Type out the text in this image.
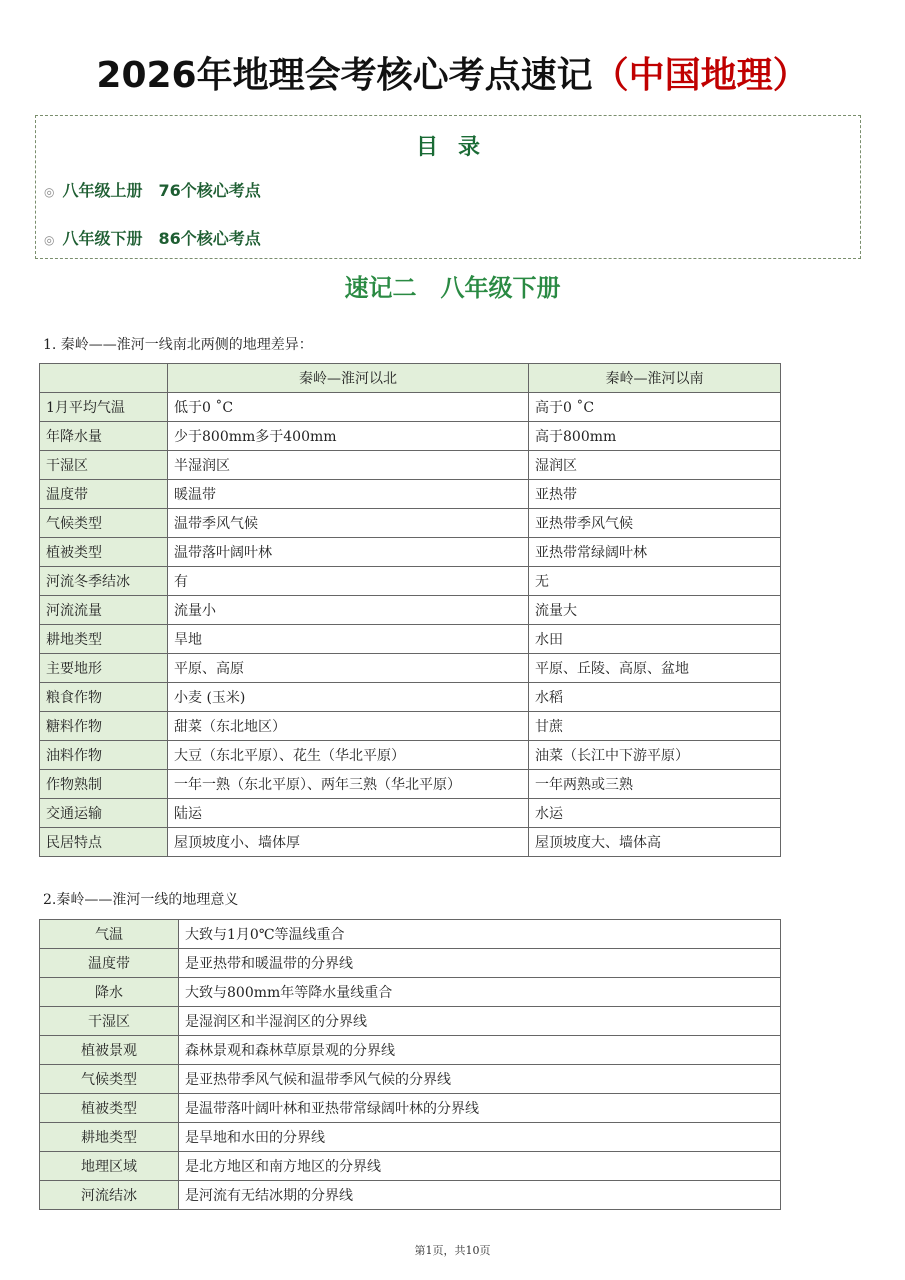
2026年地理会考核心考点速记（中国地理）
目录
◎ 八年级上册 76个核心考点
◎ 八年级下册 86个核心考点
速记二 八年级下册
1. 秦岭——淮河一线南北两侧的地理差异：
	秦岭—淮河以北	秦岭—淮河以南
1月平均气温	低于0 ˚C	高于0 ˚C
年降水量	少于800mm多于400mm	高于800mm
干湿区	半湿润区	湿润区
温度带	暖温带	亚热带
气候类型	温带季风气候	亚热带季风气候
植被类型	温带落叶阔叶林	亚热带常绿阔叶林
河流冬季结冰	有	无
河流流量	流量小	流量大
耕地类型	旱地	水田
主要地形	平原、高原	平原、丘陵、高原、盆地
粮食作物	小麦 (玉米)	水稻
糖料作物	甜菜（东北地区）	甘蔗
油料作物	大豆（东北平原）、花生（华北平原）	油菜（长江中下游平原）
作物熟制	一年一熟（东北平原）、两年三熟（华北平原）	一年两熟或三熟
交通运输	陆运	水运
民居特点	屋顶坡度小、墙体厚	屋顶坡度大、墙体高
2.秦岭——淮河一线的地理意义
气温	大致与1月0℃等温线重合
温度带	是亚热带和暖温带的分界线
降水	大致与800mm年等降水量线重合
干湿区	是湿润区和半湿润区的分界线
植被景观	森林景观和森林草原景观的分界线
气候类型	是亚热带季风气候和温带季风气候的分界线
植被类型	是温带落叶阔叶林和亚热带常绿阔叶林的分界线
耕地类型	是旱地和水田的分界线
地理区域	是北方地区和南方地区的分界线
河流结冰	是河流有无结冰期的分界线
第1页，共10页
